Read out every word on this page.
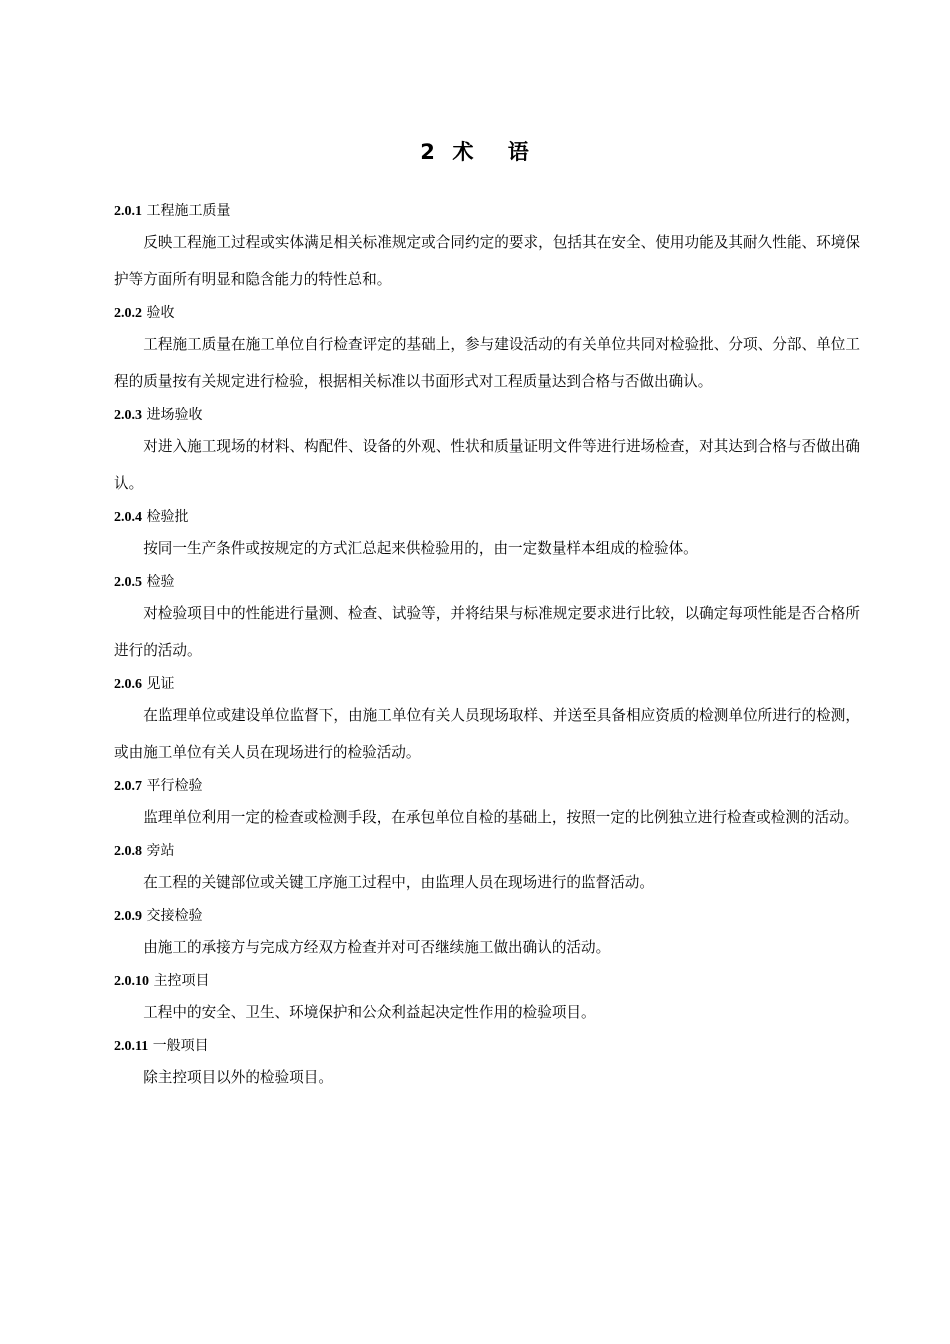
2  术    语
2.0.1 工程施工质量

反映工程施工过程或实体满足相关标准规定或合同约定的要求，包括其在安全、使用功能及其耐久性能、环境保护等方面所有明显和隐含能力的特性总和。

2.0.2 验收

工程施工质量在施工单位自行检查评定的基础上，参与建设活动的有关单位共同对检验批、分项、分部、单位工程的质量按有关规定进行检验，根据相关标准以书面形式对工程质量达到合格与否做出确认。

2.0.3 进场验收

对进入施工现场的材料、构配件、设备的外观、性状和质量证明文件等进行进场检查，对其达到合格与否做出确认。

2.0.4 检验批

按同一生产条件或按规定的方式汇总起来供检验用的，由一定数量样本组成的检验体。

2.0.5 检验

对检验项目中的性能进行量测、检查、试验等，并将结果与标准规定要求进行比较，以确定每项性能是否合格所进行的活动。

2.0.6 见证

在监理单位或建设单位监督下，由施工单位有关人员现场取样、并送至具备相应资质的检测单位所进行的检测，或由施工单位有关人员在现场进行的检验活动。

2.0.7 平行检验

监理单位利用一定的检查或检测手段，在承包单位自检的基础上，按照一定的比例独立进行检查或检测的活动。

2.0.8 旁站

在工程的关键部位或关键工序施工过程中，由监理人员在现场进行的监督活动。

2.0.9 交接检验

由施工的承接方与完成方经双方检查并对可否继续施工做出确认的活动。

2.0.10 主控项目

工程中的安全、卫生、环境保护和公众利益起决定性作用的检验项目。

2.0.11 一般项目

除主控项目以外的检验项目。
